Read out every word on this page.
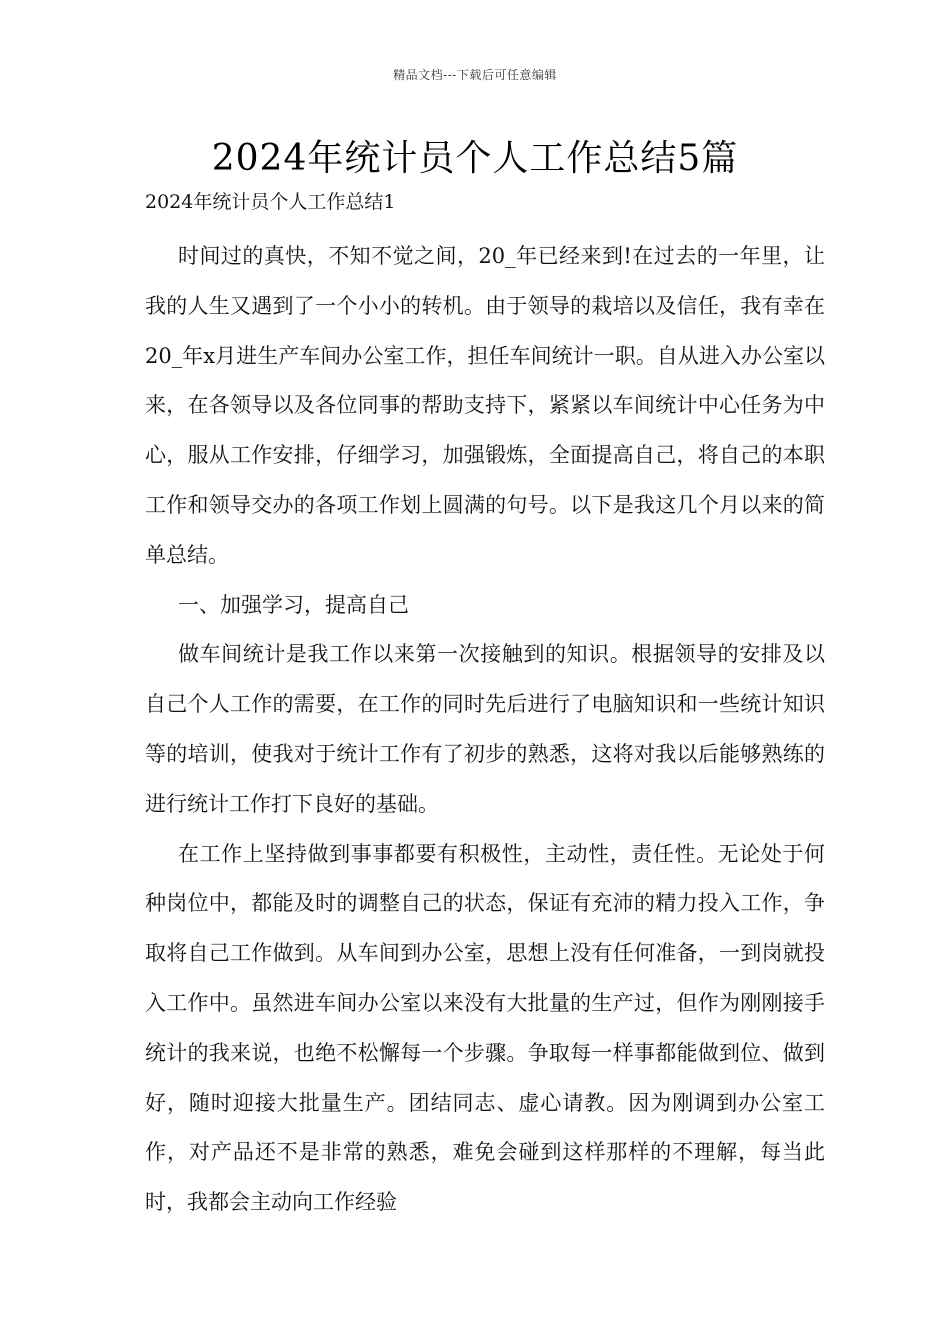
精品文档---下载后可任意编辑
2024年统计员个人工作总结5篇
2024年统计员个人工作总结1

时间过的真快，不知不觉之间，20_年已经来到!在过去的一年里，让我的人生又遇到了一个小小的转机。由于领导的栽培以及信任，我有幸在20_年x月进生产车间办公室工作，担任车间统计一职。自从进入办公室以来，在各领导以及各位同事的帮助支持下，紧紧以车间统计中心任务为中心，服从工作安排，仔细学习，加强锻炼，全面提高自己，将自己的本职工作和领导交办的各项工作划上圆满的句号。以下是我这几个月以来的简单总结。

一、加强学习，提高自己

做车间统计是我工作以来第一次接触到的知识。根据领导的安排及以自己个人工作的需要，在工作的同时先后进行了电脑知识和一些统计知识等的培训，使我对于统计工作有了初步的熟悉，这将对我以后能够熟练的进行统计工作打下良好的基础。

在工作上坚持做到事事都要有积极性，主动性，责任性。无论处于何种岗位中，都能及时的调整自己的状态，保证有充沛的精力投入工作，争取将自己工作做到。从车间到办公室，思想上没有任何准备，一到岗就投入工作中。虽然进车间办公室以来没有大批量的生产过，但作为刚刚接手统计的我来说，也绝不松懈每一个步骤。争取每一样事都能做到位、做到好，随时迎接大批量生产。团结同志、虚心请教。因为刚调到办公室工作，对产品还不是非常的熟悉，难免会碰到这样那样的不理解，每当此时，我都会主动向工作经验
